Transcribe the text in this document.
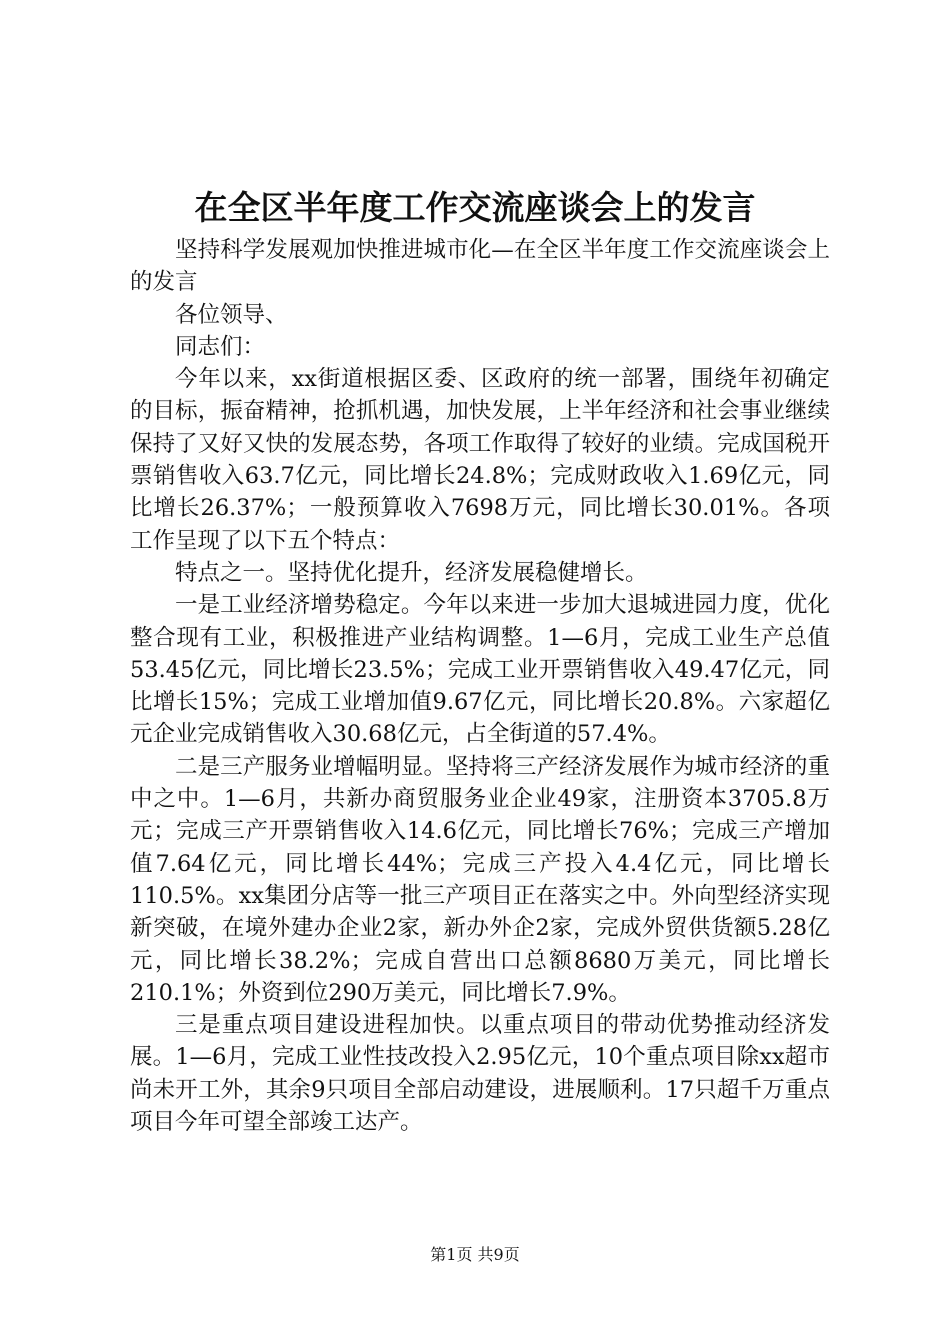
在全区半年度工作交流座谈会上的发言

坚持科学发展观加快推进城市化—在全区半年度工作交流座谈会上的发言

各位领导、

同志们：

今年以来，xx街道根据区委、区政府的统一部署，围绕年初确定的目标，振奋精神，抢抓机遇，加快发展，上半年经济和社会事业继续保持了又好又快的发展态势，各项工作取得了较好的业绩。完成国税开票销售收入63.7亿元，同比增长24.8%；完成财政收入1.69亿元，同比增长26.37%；一般预算收入7698万元，同比增长30.01%。各项工作呈现了以下五个特点：

特点之一。坚持优化提升，经济发展稳健增长。

一是工业经济增势稳定。今年以来进一步加大退城进园力度，优化整合现有工业，积极推进产业结构调整。1—6月，完成工业生产总值53.45亿元，同比增长23.5%；完成工业开票销售收入49.47亿元，同比增长15%；完成工业增加值9.67亿元，同比增长20.8%。六家超亿元企业完成销售收入30.68亿元，占全街道的57.4%。

二是三产服务业增幅明显。坚持将三产经济发展作为城市经济的重中之中。1—6月，共新办商贸服务业企业49家，注册资本3705.8万元；完成三产开票销售收入14.6亿元，同比增长76%；完成三产增加值7.64亿元，同比增长44%；完成三产投入4.4亿元，同比增长110.5%。xx集团分店等一批三产项目正在落实之中。外向型经济实现新突破，在境外建办企业2家，新办外企2家，完成外贸供货额5.28亿元，同比增长38.2%；完成自营出口总额8680万美元，同比增长210.1%；外资到位290万美元，同比增长7.9%。

三是重点项目建设进程加快。以重点项目的带动优势推动经济发展。1—6月，完成工业性技改投入2.95亿元，10个重点项目除xx超市尚未开工外，其余9只项目全部启动建设，进展顺利。17只超千万重点项目今年可望全部竣工达产。

第1页 共9页
